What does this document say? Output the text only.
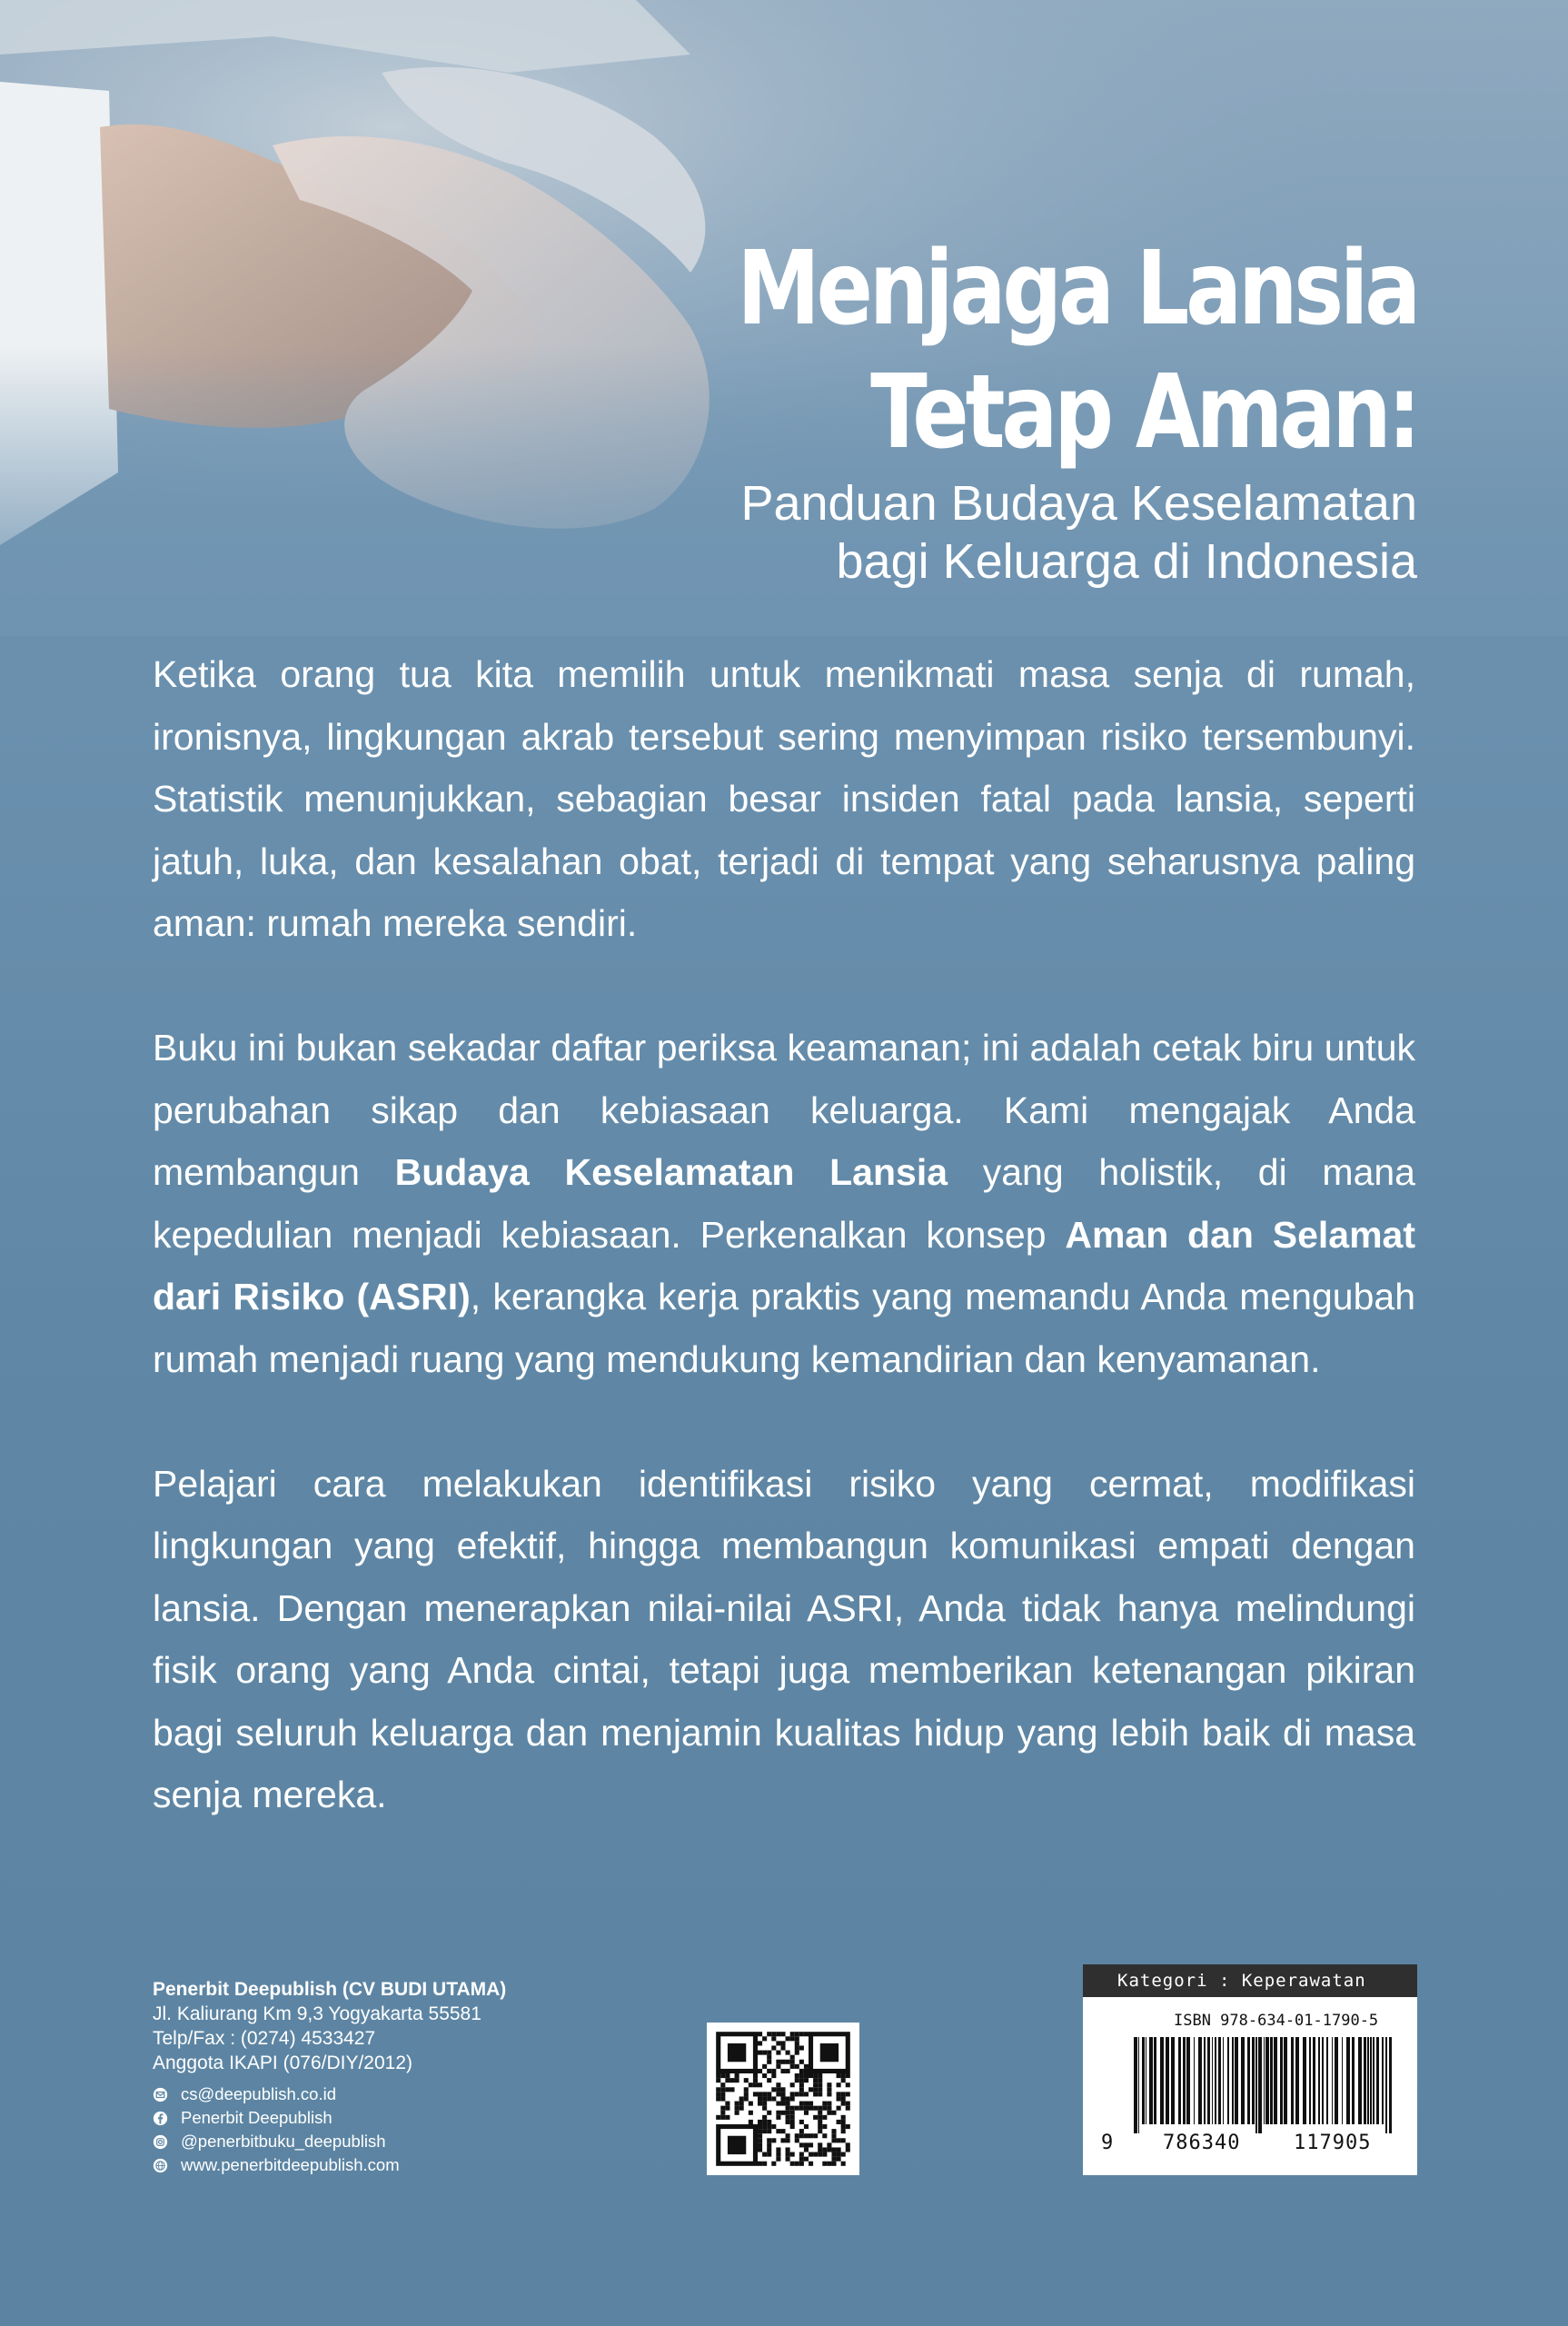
Menjaga Lansia
Tetap Aman:
Panduan Budaya Keselamatan
bagi Keluarga di Indonesia

Ketika orang tua kita memilih untuk menikmati masa senja di rumah, ironisnya, lingkungan akrab tersebut sering menyimpan risiko tersembunyi. Statistik menunjukkan, sebagian besar insiden fatal pada lansia, seperti jatuh, luka, dan kesalahan obat, terjadi di tempat yang seharusnya paling aman: rumah mereka sendiri.

Buku ini bukan sekadar daftar periksa keamanan; ini adalah cetak biru untuk perubahan sikap dan kebiasaan keluarga. Kami mengajak Anda membangun Budaya Keselamatan Lansia yang holistik, di mana kepedulian menjadi kebiasaan. Perkenalkan konsep Aman dan Selamat dari Risiko (ASRI), kerangka kerja praktis yang memandu Anda mengubah rumah menjadi ruang yang mendukung kemandirian dan kenyamanan.

Pelajari cara melakukan identifikasi risiko yang cermat, modifikasi lingkungan yang efektif, hingga membangun komunikasi empati dengan lansia. Dengan menerapkan nilai-nilai ASRI, Anda tidak hanya melindungi fisik orang yang Anda cintai, tetapi juga memberikan ketenangan pikiran bagi seluruh keluarga dan menjamin kualitas hidup yang lebih baik di masa senja mereka.

Penerbit Deepublish (CV BUDI UTAMA)
Jl. Kaliurang Km 9,3 Yogyakarta 55581
Telp/Fax : (0274) 4533427
Anggota IKAPI (076/DIY/2012)
cs@deepublish.co.id
Penerbit Deepublish
@penerbitbuku_deepublish
www.penerbitdeepublish.com
Kategori : Keperawatan
ISBN 978-634-01-1790-5
9 786340	117905
